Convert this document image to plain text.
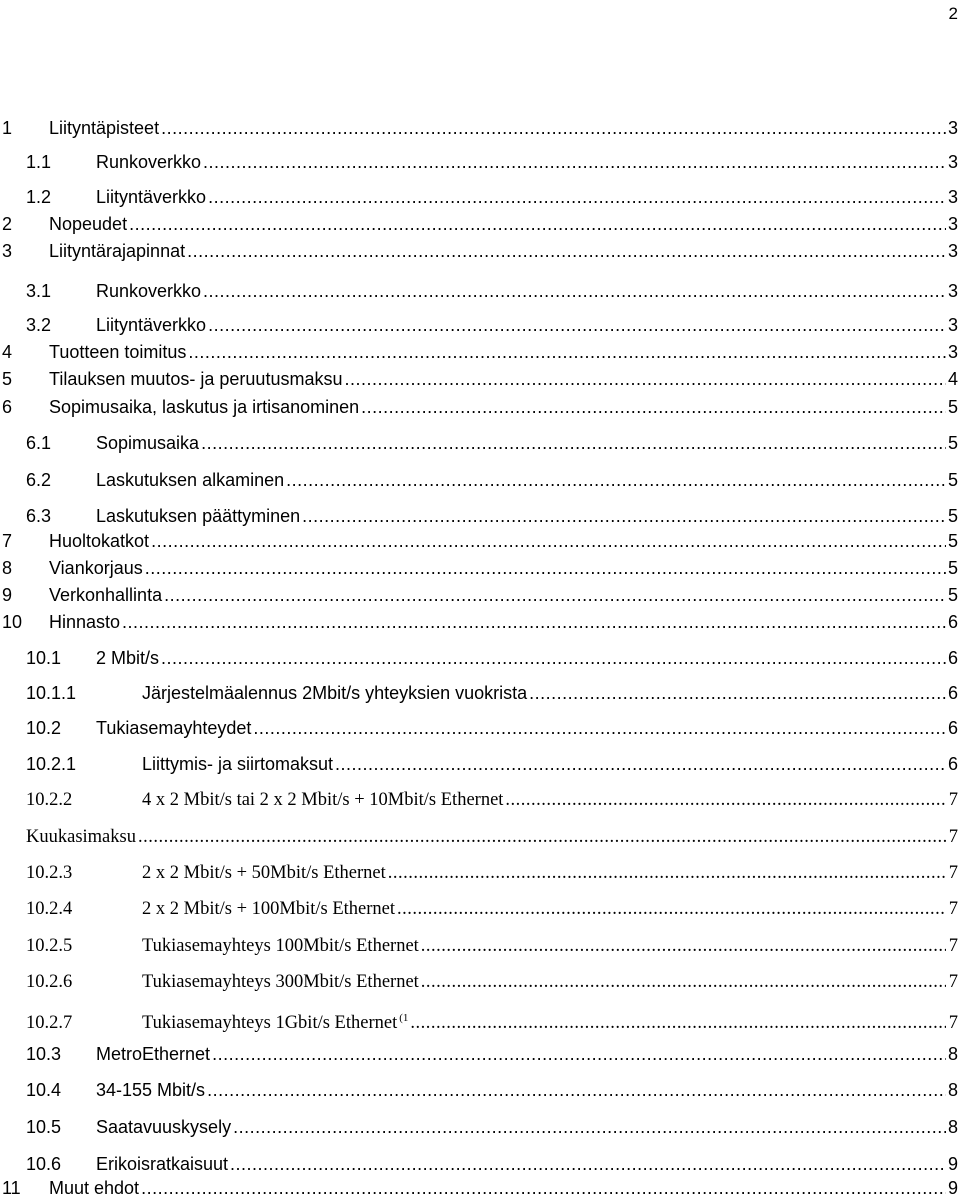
2
1	Liityntäpisteet .....	3
1.1	Runkoverkko .....	3
1.2	Liityntäverkko .....	3
2	Nopeudet .....	3
3	Liityntärajapinnat .....	3
3.1	Runkoverkko .....	3
3.2	Liityntäverkko .....	3
4	Tuotteen toimitus .....	3
5	Tilauksen muutos- ja peruutusmaksu .....	4
6	Sopimusaika, laskutus ja irtisanominen .....	5
6.1	Sopimusaika .....	5
6.2	Laskutuksen alkaminen .....	5
6.3	Laskutuksen päättyminen .....	5
7	Huoltokatkot .....	5
8	Viankorjaus .....	5
9	Verkonhallinta .....	5
10	Hinnasto .....	6
10.1	2 Mbit/s .....	6
10.1.1	Järjestelmäalennus 2Mbit/s yhteyksien vuokrista .....	6
10.2	Tukiasemayhteydet .....	6
10.2.1	Liittymis- ja siirtomaksut .....	6
10.2.2	4 x 2 Mbit/s tai 2 x 2 Mbit/s + 10Mbit/s Ethernet .....	7
Kuukasimaksu .....	7
10.2.3	2 x 2 Mbit/s + 50Mbit/s Ethernet .....	7
10.2.4	2 x 2 Mbit/s + 100Mbit/s Ethernet .....	7
10.2.5	Tukiasemayhteys 100Mbit/s Ethernet .....	7
10.2.6	Tukiasemayhteys 300Mbit/s Ethernet .....	7
10.2.7	Tukiasemayhteys 1Gbit/s Ethernet $^{(1}$ .....	7
10.3	MetroEthernet .....	8
10.4	34-155 Mbit/s .....	8
10.5	Saatavuuskysely .....	8
10.6	Erikoisratkaisuut .....	9
11	Muut ehdot .....	9
